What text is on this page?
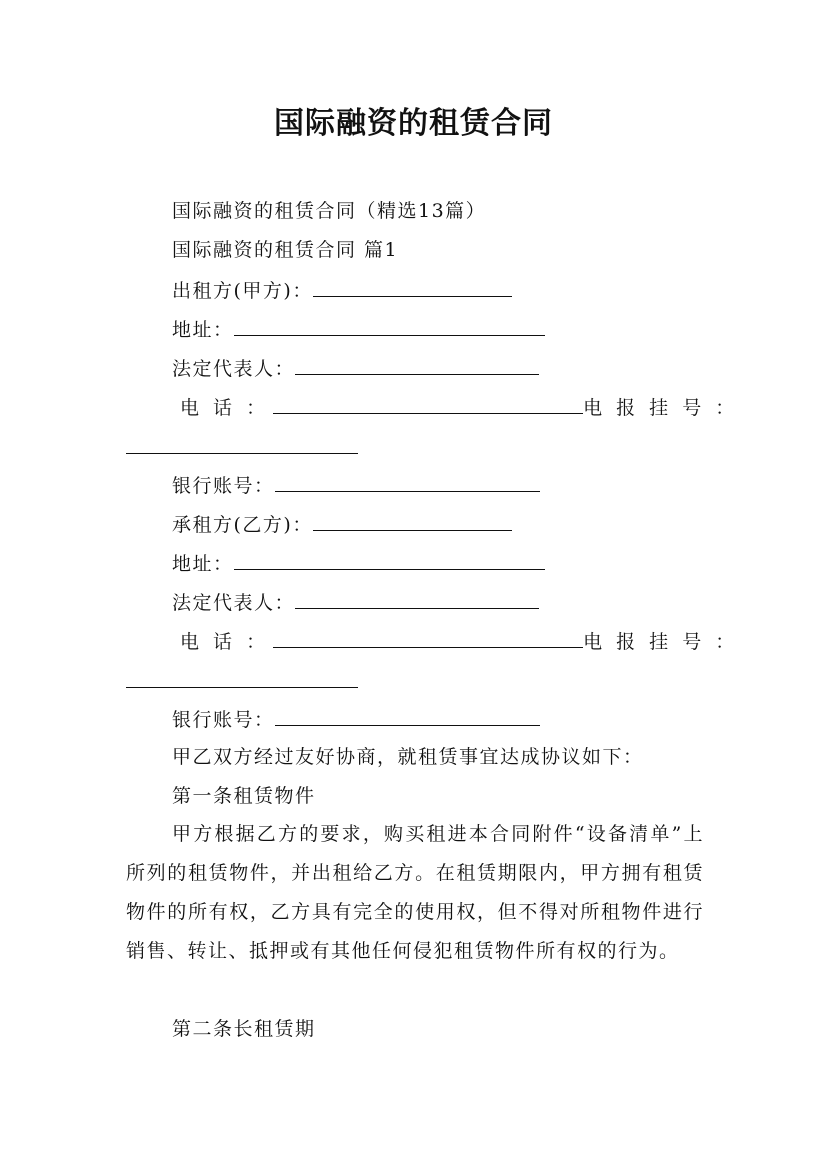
国际融资的租赁合同
国际融资的租赁合同（精选13篇）
国际融资的租赁合同 篇1
出租方(甲方)：
地址：
法定代表人：
电 话 ：	电 报 挂 号 ：
银行账号：
承租方(乙方)：
地址：
法定代表人：
电 话 ：	电 报 挂 号 ：
银行账号：
甲乙双方经过友好协商，就租赁事宜达成协议如下：
第一条租赁物件
甲方根据乙方的要求，购买租进本合同附件“设备清单”上所列的租赁物件，并出租给乙方。在租赁期限内，甲方拥有租赁物件的所有权，乙方具有完全的使用权，但不得对所租物件进行销售、转让、抵押或有其他任何侵犯租赁物件所有权的行为。
第二条长租赁期
